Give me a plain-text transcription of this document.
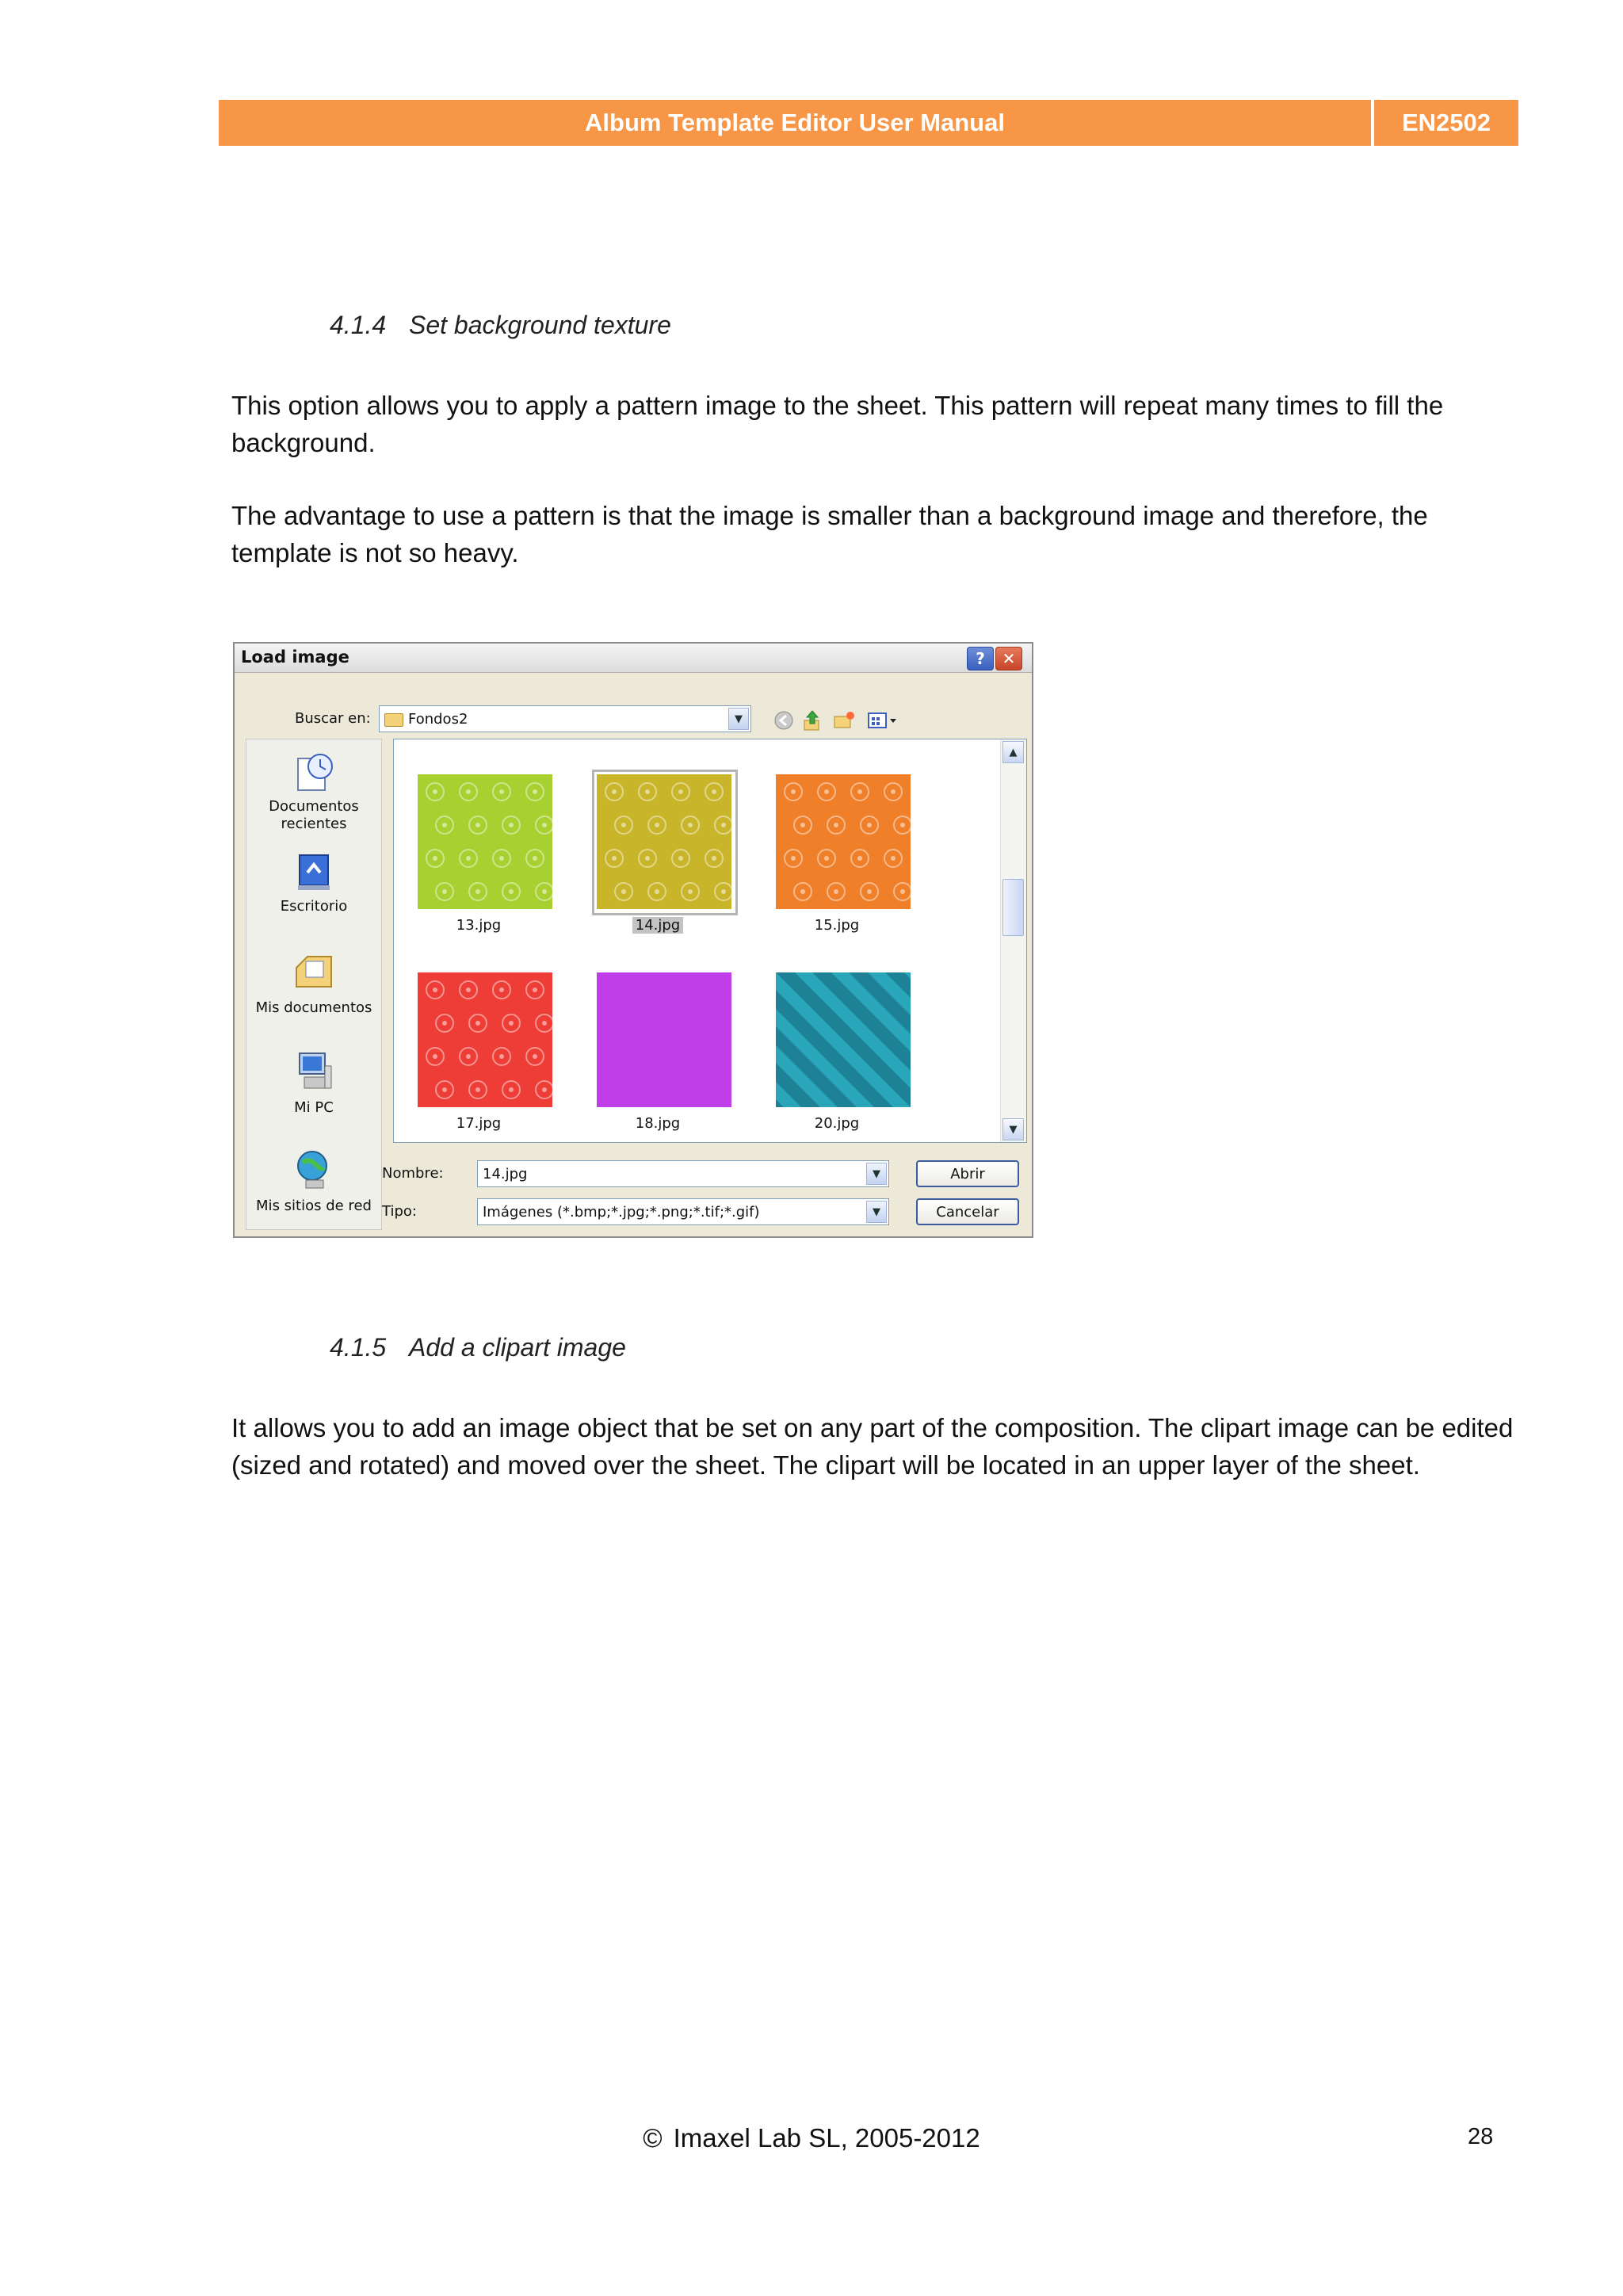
Album Template Editor User Manual	EN2502
4.1.4 Set background texture
This option allows you to apply a pattern image to the sheet. This pattern will repeat many times to fill the background.
The advantage to use a pattern is that the image is smaller than a background image and therefore, the template is not so heavy.
Load image	?	✕
Buscar en:	Fondos2	▼
Documentos recientes
Escritorio
Mis documentos
Mi PC
Mis sitios de red
13.jpg	14.jpg	15.jpg
17.jpg	18.jpg	20.jpg
▲
▼
Nombre:	14.jpg	▼
Tipo:	Imágenes (*.bmp;*.jpg;*.png;*.tif;*.gif)	▼
Abrir
Cancelar
4.1.5 Add a clipart image
It allows you to add an image object that be set on any part of the composition. The clipart image can be edited (sized and rotated) and moved over the sheet. The clipart will be located in an upper layer of the sheet.
© Imaxel Lab SL, 2005-2012	28
